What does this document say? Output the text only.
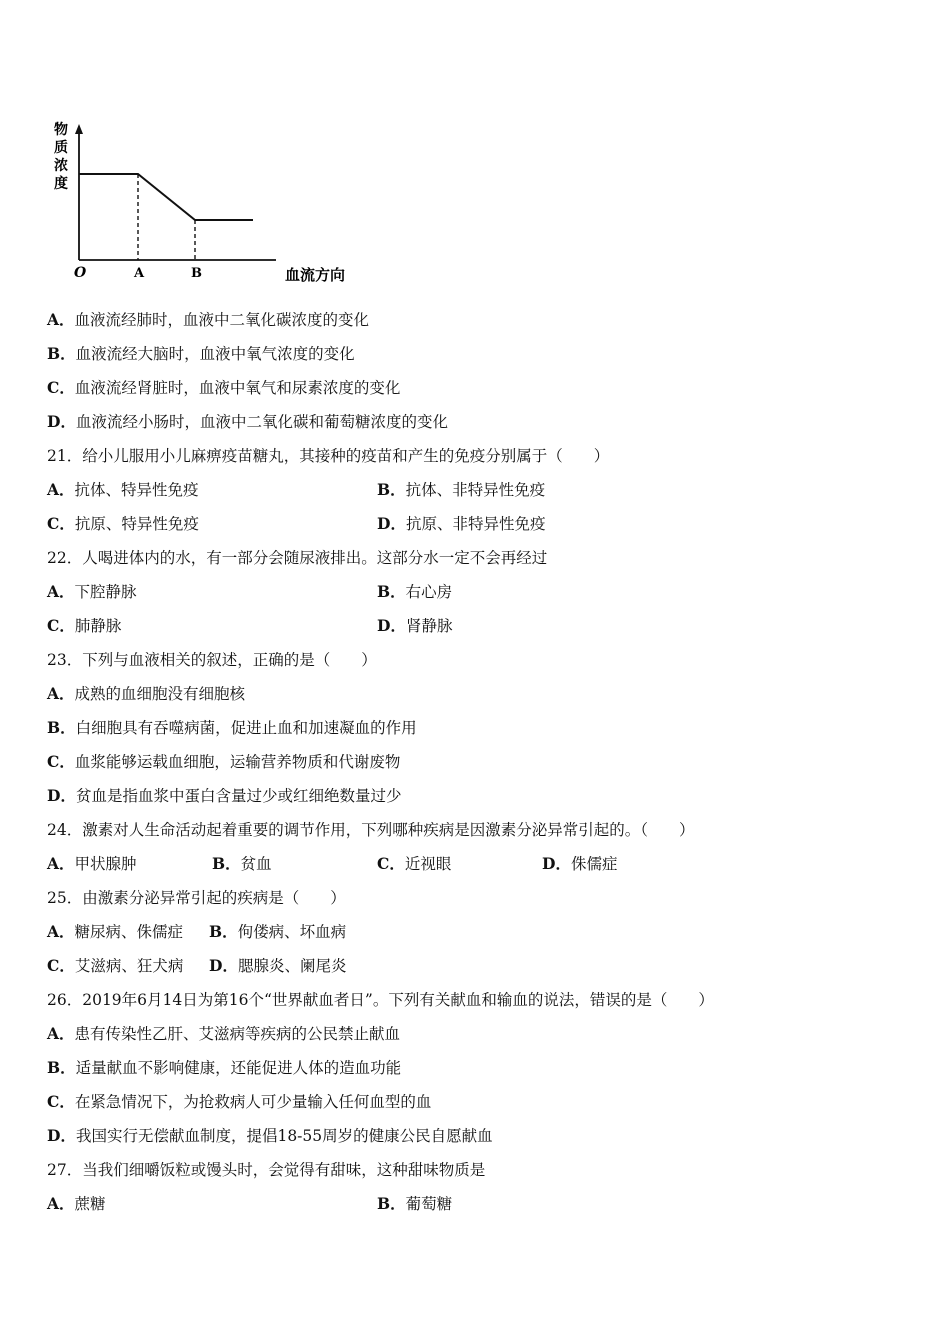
物
质
浓
度
O	A	B	血流方向
A．血液流经肺时，血液中二氧化碳浓度的变化
B．血液流经大脑时，血液中氧气浓度的变化
C．血液流经肾脏时，血液中氧气和尿素浓度的变化
D．血液流经小肠时，血液中二氧化碳和葡萄糖浓度的变化
21．给小儿服用小儿麻痹疫苗糖丸，其接种的疫苗和产生的免疫分别属于（　　）
A．抗体、特异性免疫	B．抗体、非特异性免疫
C．抗原、特异性免疫	D．抗原、非特异性免疫
22．人喝进体内的水，有一部分会随尿液排出。这部分水一定不会再经过
A．下腔静脉	B．右心房
C．肺静脉	D．肾静脉
23．下列与血液相关的叙述，正确的是（　　）
A．成熟的血细胞没有细胞核
B．白细胞具有吞噬病菌，促进止血和加速凝血的作用
C．血浆能够运载血细胞，运输营养物质和代谢废物
D．贫血是指血浆中蛋白含量过少或红细绝数量过少
24．激素对人生命活动起着重要的调节作用，下列哪种疾病是因激素分泌异常引起的。（　　）
A．甲状腺肿	B．贫血	C．近视眼	D．侏儒症
25．由激素分泌异常引起的疾病是（　　）
A．糖尿病、侏儒症 B．佝偻病、坏血病
C．艾滋病、狂犬病 D．腮腺炎、阑尾炎
26．2019年6月14日为第16个“世界献血者日”。下列有关献血和输血的说法，错误的是（　　）
A．患有传染性乙肝、艾滋病等疾病的公民禁止献血
B．适量献血不影响健康，还能促进人体的造血功能
C．在紧急情况下，为抢救病人可少量输入任何血型的血
D．我国实行无偿献血制度，提倡18-55周岁的健康公民自愿献血
27．当我们细嚼饭粒或馒头时，会觉得有甜味，这种甜味物质是
A．蔗糖	B．葡萄糖
